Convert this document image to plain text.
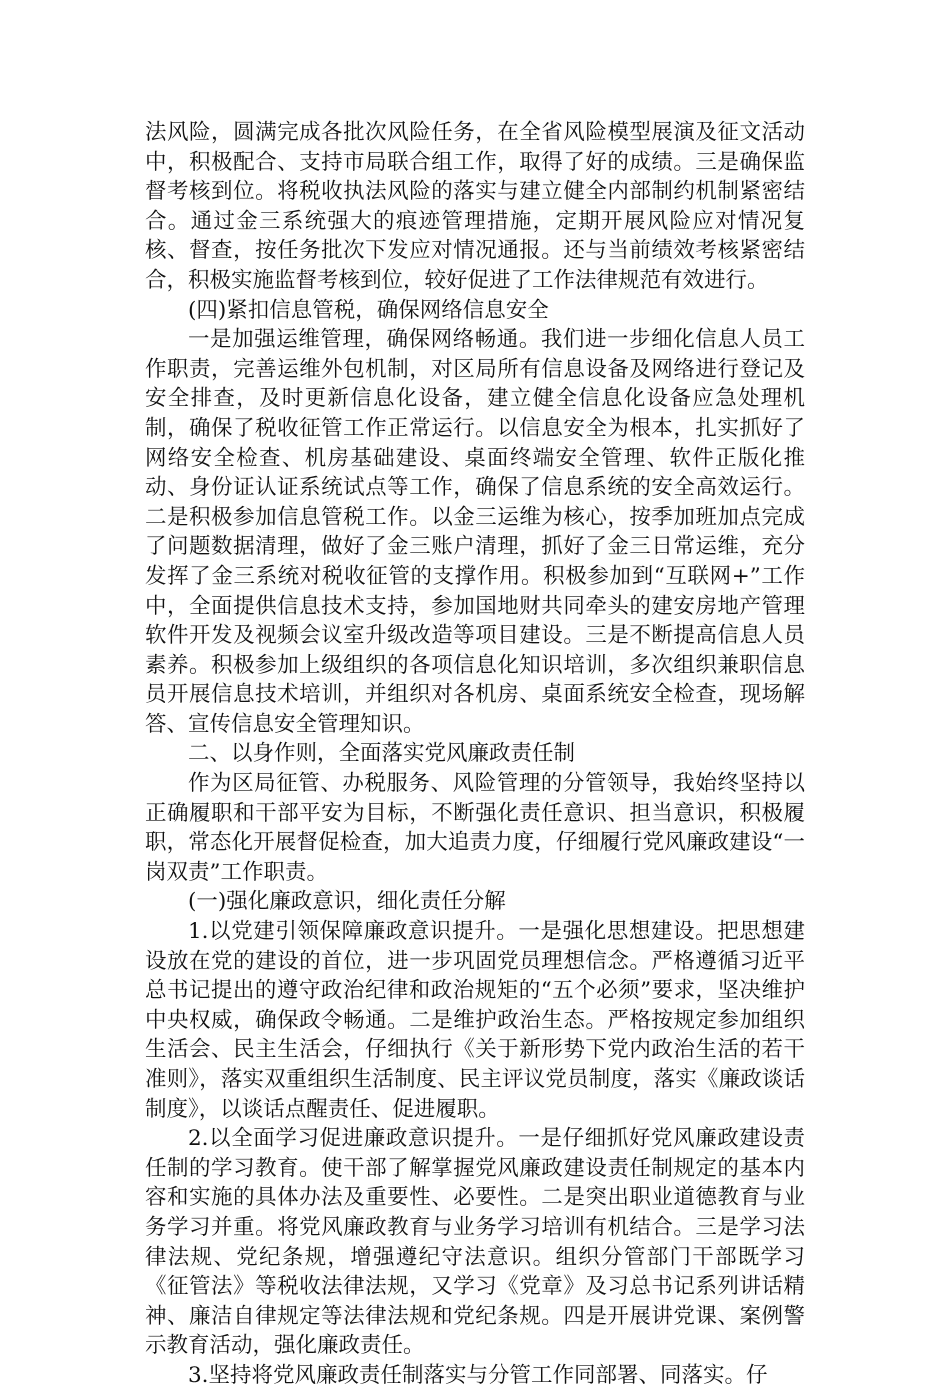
法风险，圆满完成各批次风险任务，在全省风险模型展演及征文活动中，积极配合、支持市局联合组工作，取得了好的成绩。三是确保监督考核到位。将税收执法风险的落实与建立健全内部制约机制紧密结合。通过金三系统强大的痕迹管理措施，定期开展风险应对情况复核、督查，按任务批次下发应对情况通报。还与当前绩效考核紧密结合，积极实施监督考核到位，较好促进了工作法律规范有效进行。

(四)紧扣信息管税，确保网络信息安全

一是加强运维管理，确保网络畅通。我们进一步细化信息人员工作职责，完善运维外包机制，对区局所有信息设备及网络进行登记及安全排查，及时更新信息化设备，建立健全信息化设备应急处理机制，确保了税收征管工作正常运行。以信息安全为根本，扎实抓好了网络安全检查、机房基础建设、桌面终端安全管理、软件正版化推动、身份证认证系统试点等工作，确保了信息系统的安全高效运行。二是积极参加信息管税工作。以金三运维为核心，按季加班加点完成了问题数据清理，做好了金三账户清理，抓好了金三日常运维，充分发挥了金三系统对税收征管的支撑作用。积极参加到“互联网+”工作中，全面提供信息技术支持，参加国地财共同牵头的建安房地产管理软件开发及视频会议室升级改造等项目建设。三是不断提高信息人员素养。积极参加上级组织的各项信息化知识培训，多次组织兼职信息员开展信息技术培训，并组织对各机房、桌面系统安全检查，现场解答、宣传信息安全管理知识。

二、以身作则，全面落实党风廉政责任制

作为区局征管、办税服务、风险管理的分管领导，我始终坚持以正确履职和干部平安为目标，不断强化责任意识、担当意识，积极履职，常态化开展督促检查，加大追责力度，仔细履行党风廉政建设“一岗双责”工作职责。

(一)强化廉政意识，细化责任分解

1.以党建引领保障廉政意识提升。一是强化思想建设。把思想建设放在党的建设的首位，进一步巩固党员理想信念。严格遵循习近平总书记提出的遵守政治纪律和政治规矩的“五个必须”要求，坚决维护中央权威，确保政令畅通。二是维护政治生态。严格按规定参加组织生活会、民主生活会，仔细执行《关于新形势下党内政治生活的若干准则》，落实双重组织生活制度、民主评议党员制度，落实《廉政谈话制度》，以谈话点醒责任、促进履职。

2.以全面学习促进廉政意识提升。一是仔细抓好党风廉政建设责任制的学习教育。使干部了解掌握党风廉政建设责任制规定的基本内容和实施的具体办法及重要性、必要性。二是突出职业道德教育与业务学习并重。将党风廉政教育与业务学习培训有机结合。三是学习法律法规、党纪条规，增强遵纪守法意识。组织分管部门干部既学习《征管法》等税收法律法规，又学习《党章》及习总书记系列讲话精神、廉洁自律规定等法律法规和党纪条规。四是开展讲党课、案例警示教育活动，强化廉政责任。

3.坚持将党风廉政责任制落实与分管工作同部署、同落实。仔
